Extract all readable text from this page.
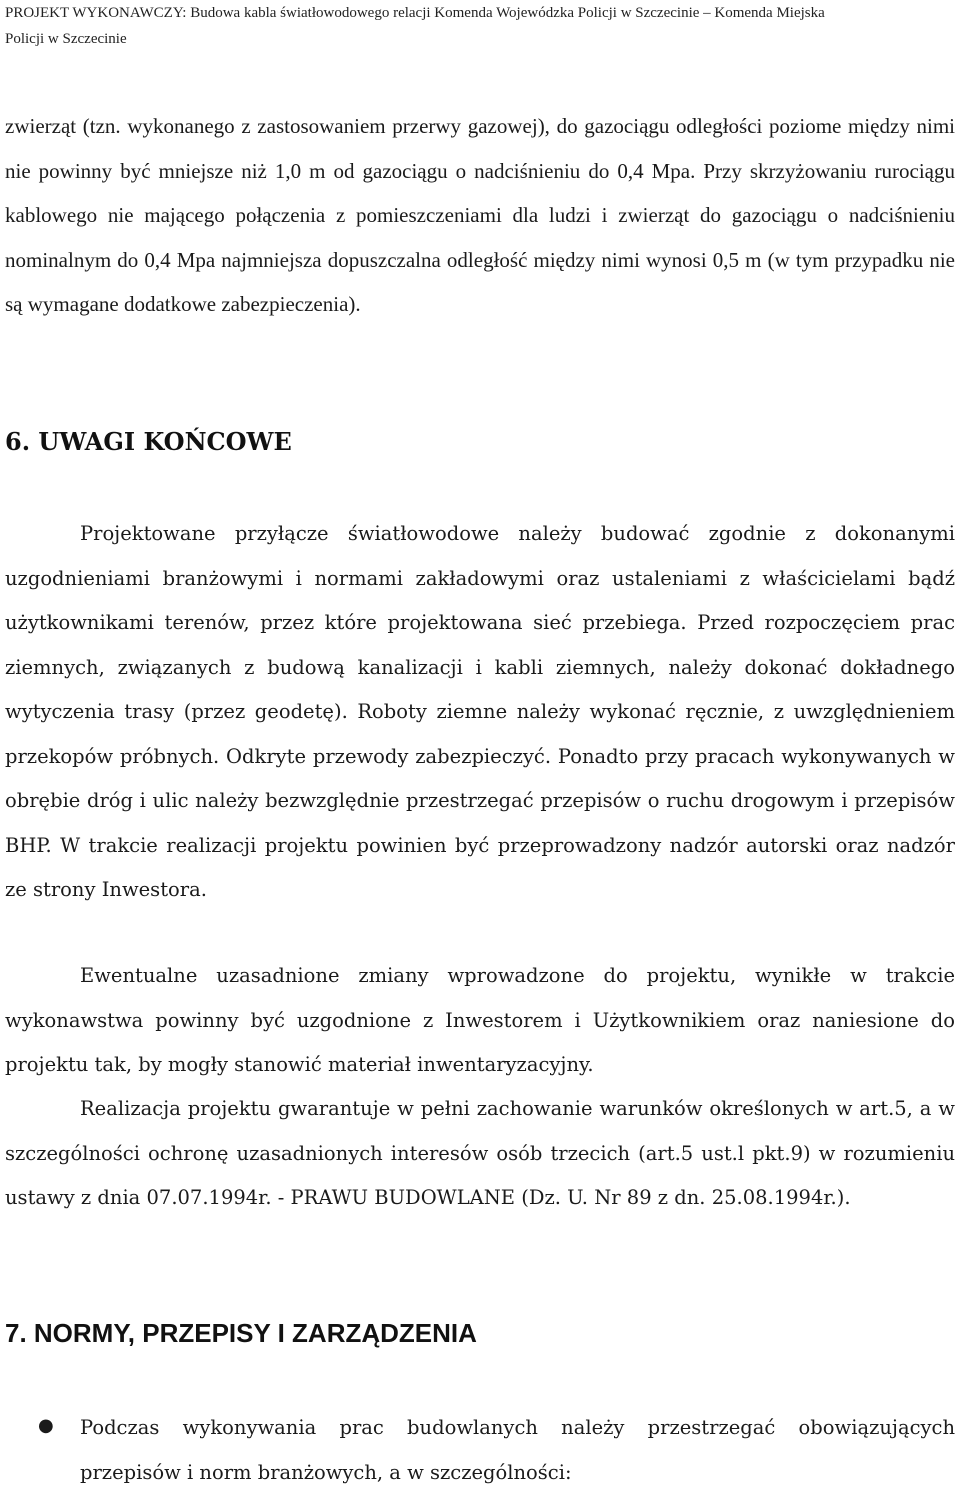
PROJEKT WYKONAWCZY: Budowa kabla światłowodowego relacji Komenda Wojewódzka Policji w Szczecinie – Komenda Miejska
Policji w Szczecinie

zwierząt (tzn. wykonanego z zastosowaniem przerwy gazowej), do gazociągu odległości poziome między nimi nie powinny być mniejsze niż 1,0 m od gazociągu o nadciśnieniu do 0,4 Mpa. Przy skrzyżowaniu rurociągu kablowego nie mającego połączenia z pomieszczeniami dla ludzi i zwierząt do gazociągu o nadciśnieniu nominalnym do 0,4 Mpa najmniejsza dopuszczalna odległość między nimi wynosi 0,5 m (w tym przypadku nie są wymagane dodatkowe zabezpieczenia).

6. UWAGI KOŃCOWE

Projektowane przyłącze światłowodowe należy budować zgodnie z dokonanymi uzgodnieniami branżowymi i normami zakładowymi oraz ustaleniami z właścicielami bądź użytkownikami terenów, przez które projektowana sieć przebiega. Przed rozpoczęciem prac ziemnych, związanych z budową kanalizacji i kabli ziemnych, należy dokonać dokładnego wytyczenia trasy (przez geodetę). Roboty ziemne należy wykonać ręcznie, z uwzględnieniem przekopów próbnych. Odkryte przewody zabezpieczyć. Ponadto przy pracach wykonywanych w obrębie dróg i ulic należy bezwzględnie przestrzegać przepisów o ruchu drogowym i przepisów BHP. W trakcie realizacji projektu powinien być przeprowadzony nadzór autorski oraz nadzór ze strony Inwestora.

Ewentualne uzasadnione zmiany wprowadzone do projektu, wynikłe w trakcie wykonawstwa powinny być uzgodnione z Inwestorem i Użytkownikiem oraz naniesione do projektu tak, by mogły stanowić materiał inwentaryzacyjny.

Realizacja projektu gwarantuje w pełni zachowanie warunków określonych w art.5, a w szczególności ochronę uzasadnionych interesów osób trzecich (art.5 ust.l pkt.9) w rozumieniu ustawy z dnia 07.07.1994r. - PRAWU BUDOWLANE (Dz. U. Nr 89 z dn. 25.08.1994r.).

7. NORMY, PRZEPISY I ZARZĄDZENIA
● Podczas wykonywania prac budowlanych należy przestrzegać obowiązujących przepisów i norm branżowych, a w szczególności:
